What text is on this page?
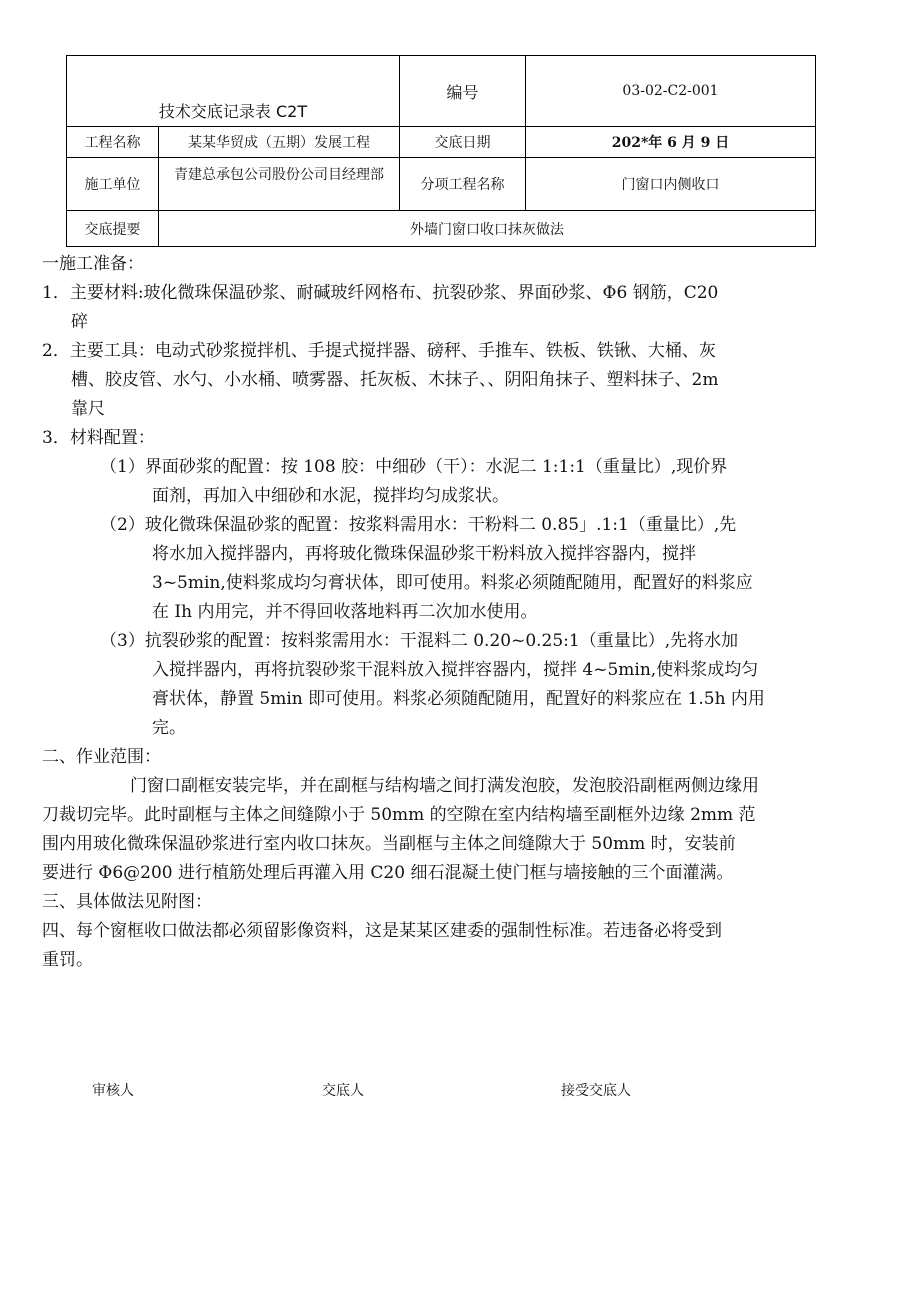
技术交底记录表 C2T		编号	03-02-C2-001
工程名称	某某华贸成（五期）发展工程	交底日期	202*年 6 月 9 日
施工单位	青建总承包公司股份公司目经理部	分项工程名称	门窗口内侧收口
交底提要	外墙门窗口收口抹灰做法		
一施工准备：
1．主要材料:玻化微珠保温砂浆、耐碱玻纤网格布、抗裂砂浆、界面砂浆、Φ6 钢筋，C20
碎
2．主要工具：电动式砂浆搅拌机、手提式搅拌器、磅秤、手推车、铁板、铁锹、大桶、灰
槽、胶皮管、水勺、小水桶、喷雾器、托灰板、木抹子、、阴阳角抹子、塑料抹子、2m
靠尺
3．材料配置：
（1）界面砂浆的配置：按 108 胶：中细砂（干）：水泥二 1:1:1（重量比）,现价界
面剂，再加入中细砂和水泥，搅拌均匀成浆状。
（2）玻化微珠保温砂浆的配置：按浆料需用水：干粉料二 0.85」.1:1（重量比）,先
将水加入搅拌器内，再将玻化微珠保温砂浆干粉料放入搅拌容器内，搅拌
3~5min,使料浆成均匀膏状体，即可使用。料浆必须随配随用，配置好的料浆应
在 Ih 内用完，并不得回收落地料再二次加水使用。
（3）抗裂砂浆的配置：按料浆需用水：干混料二 0.20~0.25:1（重量比）,先将水加
入搅拌器内，再将抗裂砂浆干混料放入搅拌容器内，搅拌 4~5min,使料浆成均匀
膏状体，静置 5min 即可使用。料浆必须随配随用，配置好的料浆应在 1.5h 内用
完。
二、作业范围：
门窗口副框安装完毕，并在副框与结构墙之间打满发泡胶，发泡胶沿副框两侧边缘用
刀裁切完毕。此时副框与主体之间缝隙小于 50mm 的空隙在室内结构墙至副框外边缘 2mm 范
围内用玻化微珠保温砂浆进行室内收口抹灰。当副框与主体之间缝隙大于 50mm 时，安装前
要进行 Φ6@200 进行植筋处理后再灌入用 C20 细石混凝土使门框与墙接触的三个面灌满。
三、具体做法见附图：
四、每个窗框收口做法都必须留影像资料，这是某某区建委的强制性标准。若违备必将受到
重罚。
审核人	交底人	接受交底人
